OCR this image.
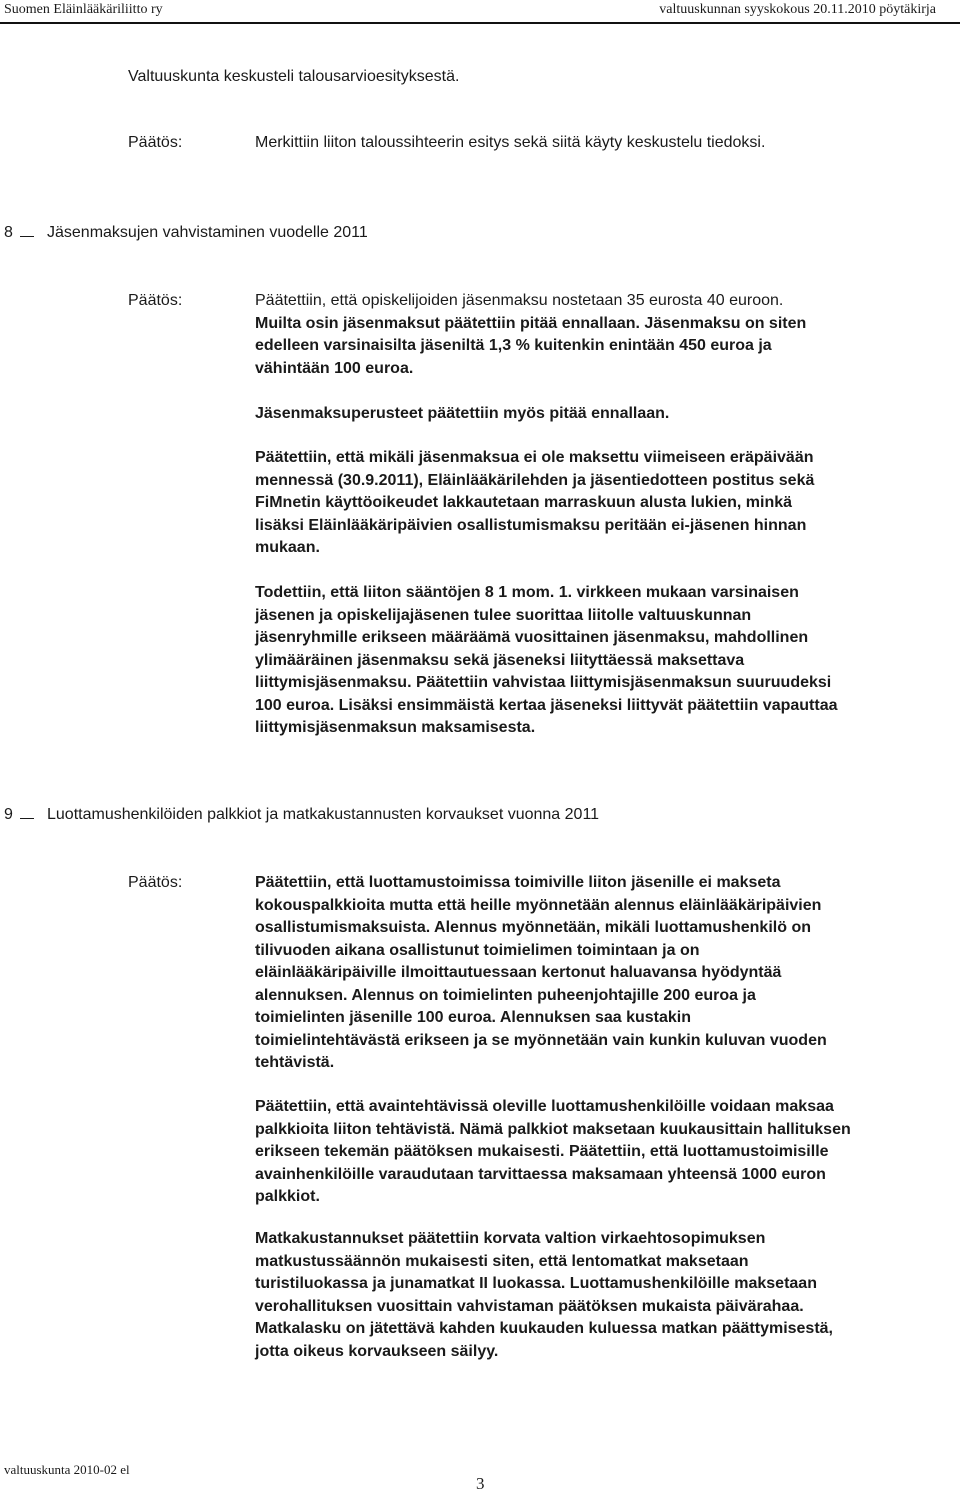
Suomen Eläinlääkäriliitto ry	valtuuskunnan syyskokous 20.11.2010 pöytäkirja
Valtuuskunta keskusteli talousarvioesityksestä.
Päätös:	Merkittiin liiton taloussihteerin esitys sekä siitä käyty keskustelu tiedoksi.
8 Jäsenmaksujen vahvistaminen vuodelle 2011
Päätös:	Päätettiin, että opiskelijoiden jäsenmaksu nostetaan 35 eurosta 40 euroon.
Muilta osin jäsenmaksut päätettiin pitää ennallaan. Jäsenmaksu on siten
edelleen varsinaisilta jäseniltä 1,3 % kuitenkin enintään 450 euroa ja
vähintään 100 euroa.
Jäsenmaksuperusteet päätettiin myös pitää ennallaan.
Päätettiin, että mikäli jäsenmaksua ei ole maksettu viimeiseen eräpäivään
mennessä (30.9.2011), Eläinlääkärilehden ja jäsentiedotteen postitus sekä
FiMnetin käyttöoikeudet lakkautetaan marraskuun alusta lukien, minkä
lisäksi Eläinlääkäripäivien osallistumismaksu peritään ei-jäsenen hinnan
mukaan.
Todettiin, että liiton sääntöjen 8 1 mom. 1. virkkeen mukaan varsinaisen
jäsenen ja opiskelijajäsenen tulee suorittaa liitolle valtuuskunnan
jäsenryhmille erikseen määräämä vuosittainen jäsenmaksu, mahdollinen
ylimääräinen jäsenmaksu sekä jäseneksi liityttäessä maksettava
liittymisjäsenmaksu. Päätettiin vahvistaa liittymisjäsenmaksun suuruudeksi
100 euroa. Lisäksi ensimmäistä kertaa jäseneksi liittyvät päätettiin vapauttaa
liittymisjäsenmaksun maksamisesta.
9 Luottamushenkilöiden palkkiot ja matkakustannusten korvaukset vuonna 2011
Päätös:	Päätettiin, että luottamustoimissa toimiville liiton jäsenille ei makseta
kokouspalkkioita mutta että heille myönnetään alennus eläinlääkäripäivien
osallistumismaksuista. Alennus myönnetään, mikäli luottamushenkilö on
tilivuoden aikana osallistunut toimielimen toimintaan ja on
eläinlääkäripäiville ilmoittautuessaan kertonut haluavansa hyödyntää
alennuksen. Alennus on toimielinten puheenjohtajille 200 euroa ja
toimielinten jäsenille 100 euroa. Alennuksen saa kustakin
toimielintehtävästä erikseen ja se myönnetään vain kunkin kuluvan vuoden
tehtävistä.
Päätettiin, että avaintehtävissä oleville luottamushenkilöille voidaan maksaa
palkkioita liiton tehtävistä. Nämä palkkiot maksetaan kuukausittain hallituksen
erikseen tekemän päätöksen mukaisesti. Päätettiin, että luottamustoimisille
avainhenkilöille varaudutaan tarvittaessa maksamaan yhteensä 1000 euron
palkkiot.
Matkakustannukset päätettiin korvata valtion virkaehtosopimuksen
matkustussäännön mukaisesti siten, että lentomatkat maksetaan
turistiluokassa ja junamatkat II luokassa. Luottamushenkilöille maksetaan
verohallituksen vuosittain vahvistaman päätöksen mukaista päivärahaa.
Matkalasku on jätettävä kahden kuukauden kuluessa matkan päättymisestä,
jotta oikeus korvaukseen säilyy.
valtuuskunta 2010-02 el
3
